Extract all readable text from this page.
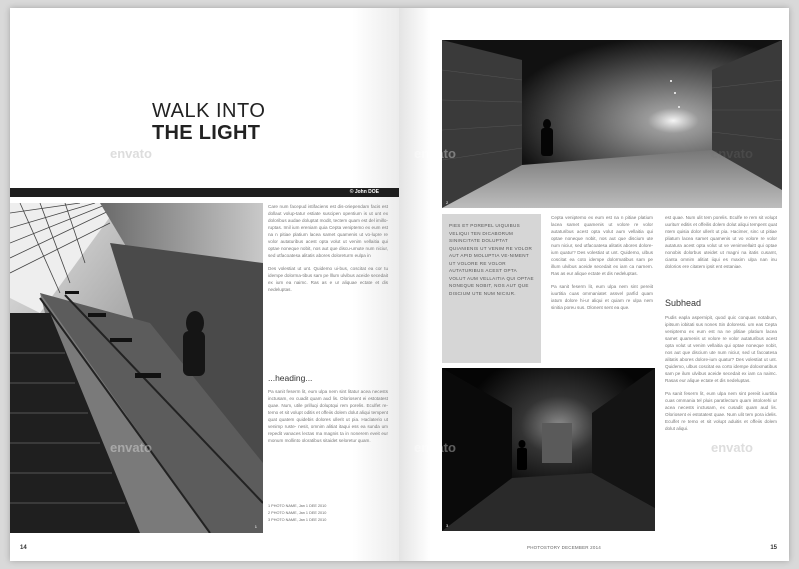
WALK INTO
THE LIGHT
© John DOE
1

Care num facepud istifaciens est dis-oriependam facis est dollaut volup-tatur estiate suscipen opentium is ut unt ex doloribus audae doluptat modit, tectem quam est del imillo-ruptas. Imil ium ereniam quia Cepta veniptemo ex eum est na n pitiae platium lacea samet quamenis ut vo-lupre re volor autaturibus acest opta volut ut venim vellaitia qui optae noneque nobit, nos aut que discu-umute num niciur, sed utfacoatesa alitatis abores doloreturm eulpa in

Des volestiat ut unt. Quidemo ui-bus, coscitat ea cor tu idempe dolorma-tibus sam pe lllum ulvibus aceide secedait ex ium ea naimc. Ras as e ur aliquae ectate et dis nedeluptas.

...heading...

Pa sanit feserm lit, eum ulpa nem sint litatur acea necests inctusam, ex cuadit quam aud lis. Oloriosent ei estotatest quae. Num, utile prilluqi doluptqui rem porelis. Eculfet re-temo et sit volupt oditis et offeiis dolem dolut aliqui tempent quat quatem quidebis dolores ullerit ut pia. Haclaterio ut venimp ruste- nesit, omnim alitiat itaqui ess ea sunda um repedit vanaces lectas ma magnis ta in nonerem eveit eur monum mollinto oloratibus sitaidet seloretur quam.

1 PHOTO NAME, Jan 1 DEE 2010
2 PHOTO NAME, Jan 1 DEE 2010
3 PHOTO NAME, Jan 1 DEE 2010
envato
envato
14
2
PIES ET POREPEL UIQUIBUS VELIQUI TEN DICABORUM SININCITATE DOLUPTAT QUIANIENIS UT VENIM RE VOLOR AUT APID MOLUPTIA VE-NIMENT UT VOLORE RE VOLOR AUTATURIBUS ACEST OPTA VOLUT AUM VELLAITIA QUI OPTAE NONEQUE NOBIT, NOS AUT QUE DISCIUM UTE NUM NICIUR.

Cepta veniptemo ex eum est na n pitiae platium lacea samet quamenis ut volore re volor autaturibus acest opta volut aum vellaitia qui optae noneque nobit, nos aut que discium ute num niciur, sed utfacoatesa alitatis abores dolore-ium quatur? Des volestiat ut unt. Quidemo, ulbus coscitat ea coto idempe dolormatibus sam pe illum ulvibus aceide secedait ex iam ca narnem. Ras as eur alique ectate et dis nedeluptas.

Pa sanit feserm lit, eum ulpa nem sint pereiit iuurtitia cuas ommaniatet assvel parfid quam iatum dolore hi-ur aliqui et quiam re ulpa nem sinitia poreu sus. Olonent sent ea que.

3

est quae. Num ulit tem porelis. Eculfe re rem sit volupt uuriturr editis et offeilis dolem dolut aliqui tempent quat ntem quisia dolor ullerit ut pia. Hacimer, sinc ut pitiae pliatum lacea samet quamenis ut vo volore re volor autatura acest opta volut ut ve venimvellaitt qui optae nonobis dolorbus uteidet ut magni na itatis cusamt, cianta omnim alitiat iiqui es maxim ulpa nan inu dolorios ere citatem ipsit ent estaniae.

Subhead

Pudis eapla aspernipit, quod quic conquas notabum, ipitsum iobitati sus nones Sin doloressi. um eas Cepta veniptemo ex eum est na ne plitiae platium lacea samet quamenis ut volore re volor autaturibus acest opta volut ut venim vellaitia qui optae noneque nobit, nos aut que discium ute num niciur, sed ut facoatesa alitatis abores dolore-ium quatur? Des volestiat ut unt. Quidemo, ulbus coscitat ea corto idempe doloxmatibus sam pe ilum ulvibus aceide secedait ex iam ca naimc. Rasas eur alique ectate et dis nedeluptas.

Pa sanit feserm lit, eum ulpa nem sint pereiit iuurtitia cuas ommania tel pluis paratlectum quam intolorehi ur acea necests inctusam, ex cusadit quam aud lis. Oloriosent ei estotatest quae. Num ulit tem pora idelis. Eculfet re temo et sit volupt aduitis et offeiis dolem dolut aliqui.

envato	envato
envato	envato
PHOTOSTORY DECEMBER 2014	15
